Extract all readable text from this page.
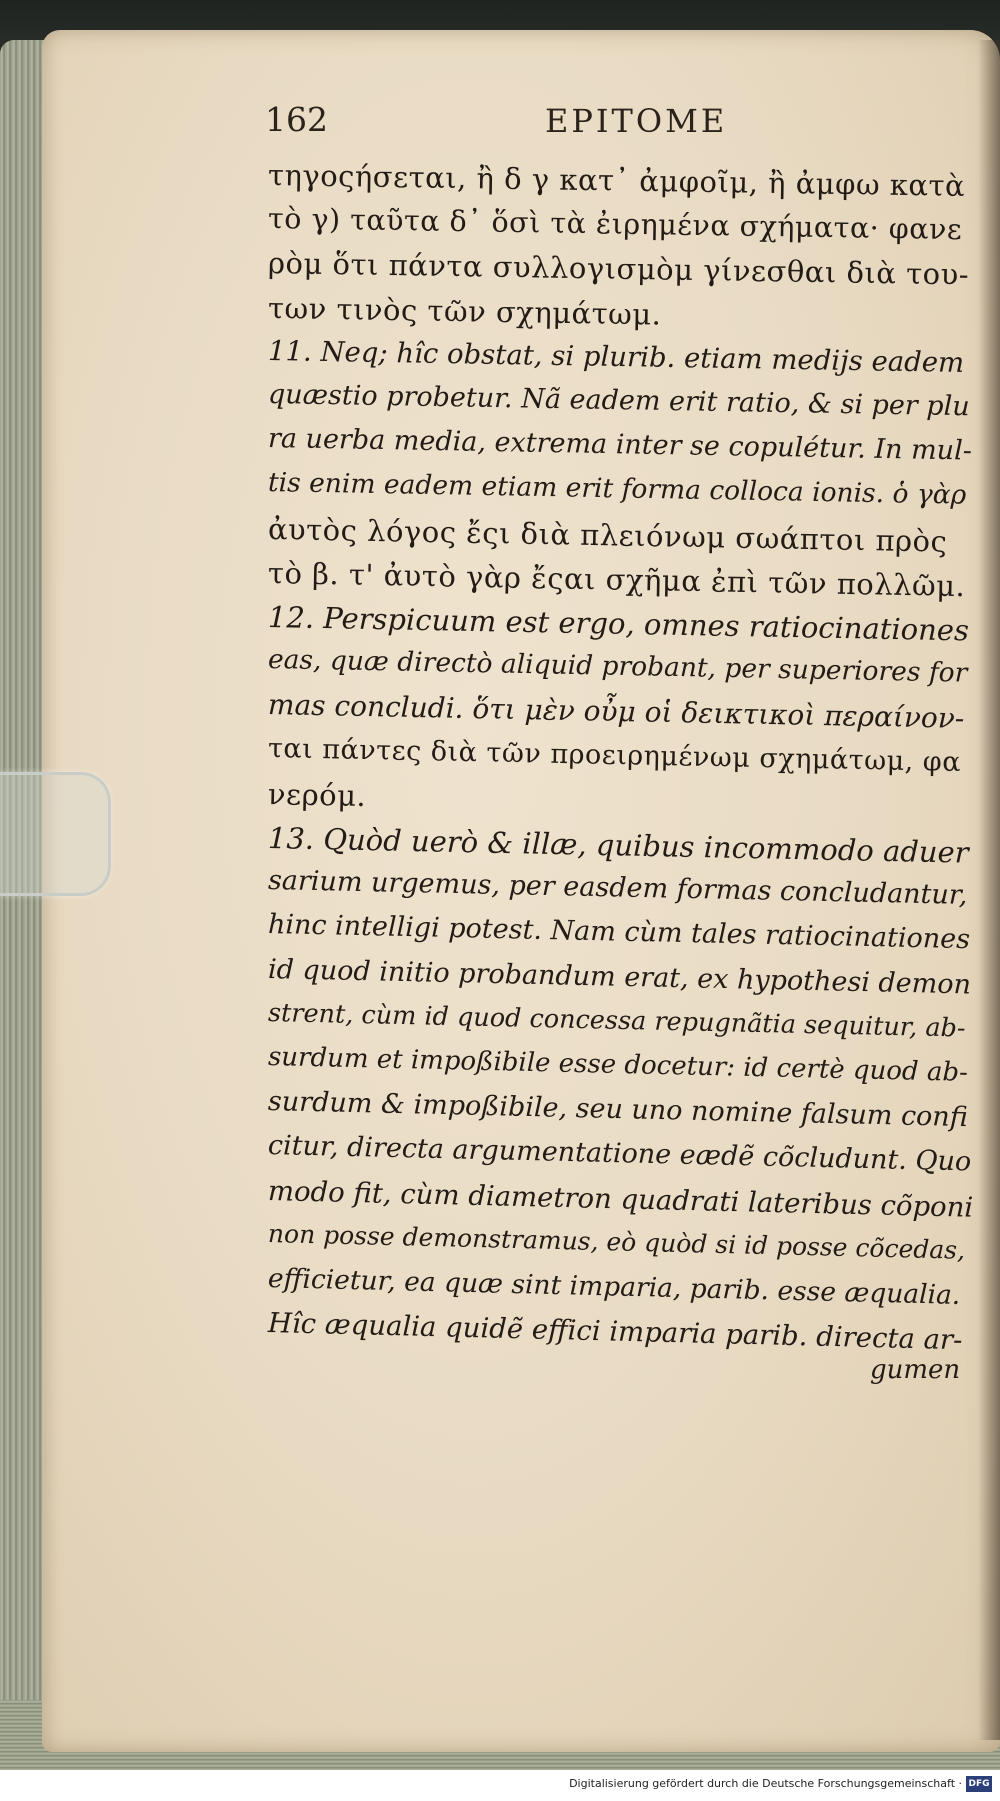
162	EPITOME
τηγοςήσεται, ἢ δ γ κατ᾽ ἀμφοῖμ, ἢ ἀμφω κατὰ
τὸ γ) ταῦτα δ᾽ ὅσὶ τὰ ἐιρημένα σχήματα· φανε
ρὸμ ὅτι πάντα συλλογισμὸμ γίνεσθαι διὰ του-
των τινὸς τῶν σχημάτωμ.
11. Neq; hîc obstat, si plurib. etiam medijs eadem
quæstio probetur. Nã eadem erit ratio, & si per plu
ra uerba media, extrema inter se copulétur. In mul-
tis enim eadem etiam erit forma colloca ionis. ὁ γὰρ
ἀυτὸς λόγος ἔςι διὰ πλειόνωμ σωάπτοι πρὸς
τὸ β. τ' ἀυτὸ γὰρ ἔςαι σχῆμα ἐπὶ τῶν πολλῶμ.
12. Perspicuum est ergo, omnes ratiocinationes
eas, quæ directò aliquid probant, per superiores for
mas concludi. ὅτι μὲν οὖμ οἱ δεικτικοὶ περαίνον-
ται πάντες διὰ τῶν προειρημένωμ σχημάτωμ, φα
νερόμ.
13. Quòd uerò & illæ, quibus incommodo aduer
sarium urgemus, per easdem formas concludantur,
hinc intelligi potest. Nam cùm tales ratiocinationes
id quod initio probandum erat, ex hypothesi demon
strent, cùm id quod concessa repugnãtia sequitur, ab-
surdum et impoßibile esse docetur: id certè quod ab-
surdum & impoßibile, seu uno nomine falsum confi
citur, directa argumentatione eædẽ cõcludunt. Quo
modo fit, cùm diametron quadrati lateribus cõponi
non posse demonstramus, eò quòd si id posse cõcedas,
efficietur, ea quæ sint imparia, parib. esse æqualia.
Hîc æqualia quidẽ effici imparia parib. directa ar-
gumen
Digitalisierung gefördert durch die Deutsche Forschungsgemeinschaft · DFG
